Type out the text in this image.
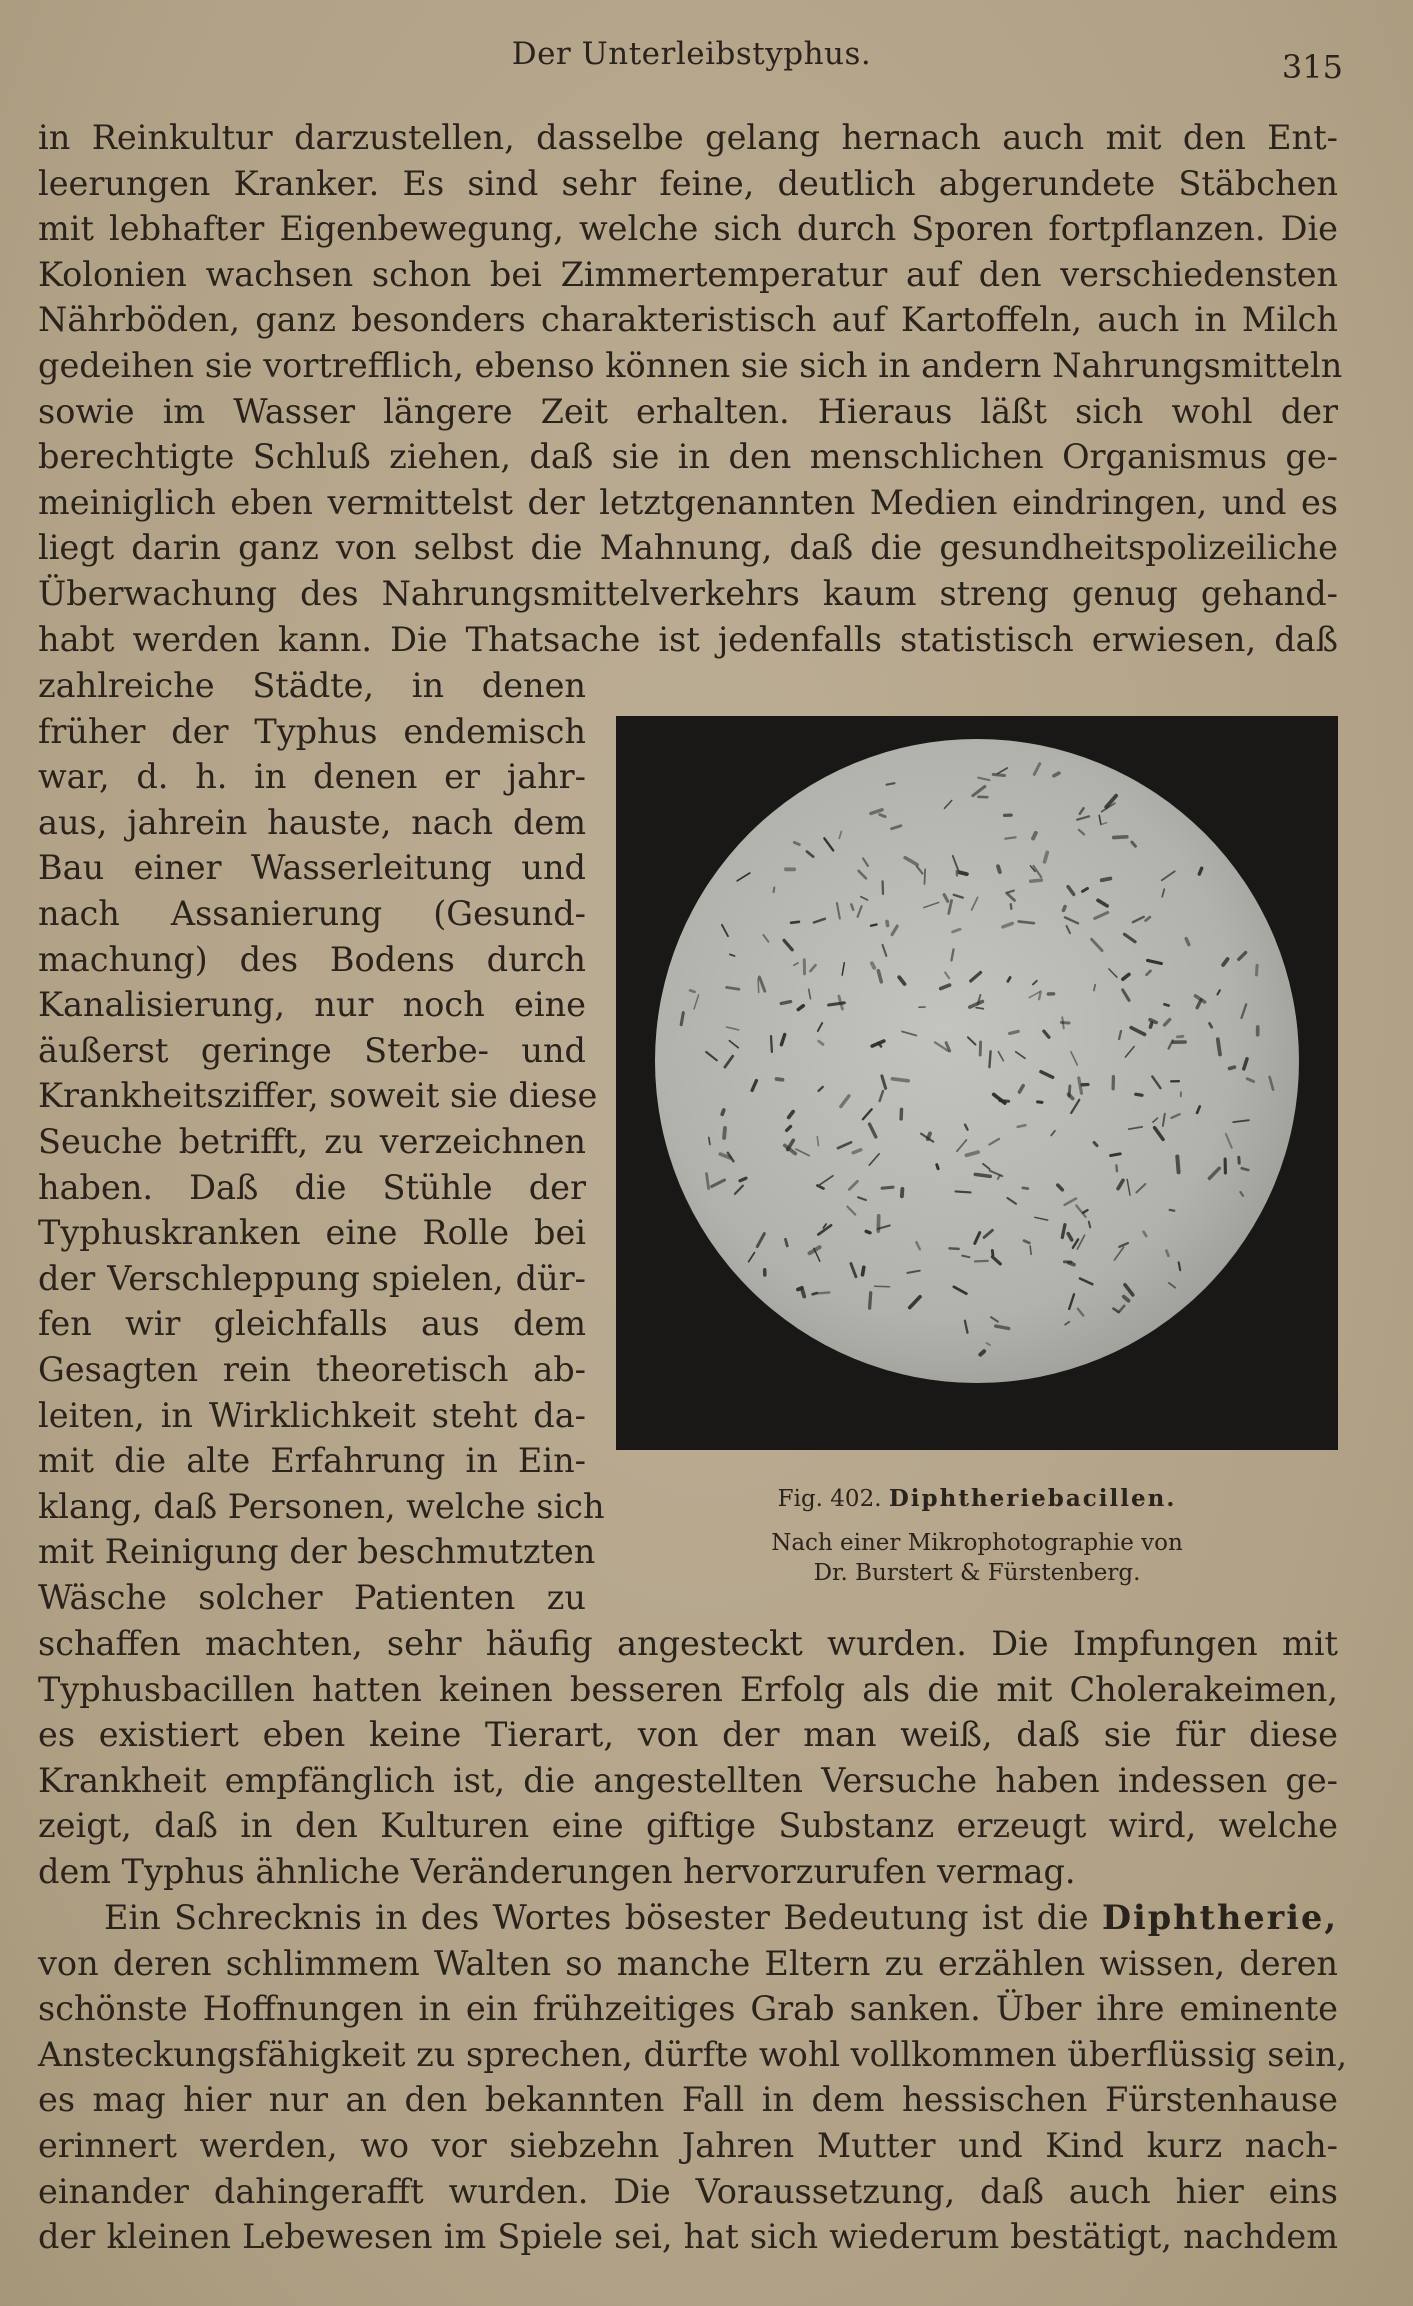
Der Unterleibstyphus.	315
in Reinkultur darzustellen, dasselbe gelang hernach auch mit den Ent-
leerungen Kranker. Es sind sehr feine, deutlich abgerundete Stäbchen
mit lebhafter Eigenbewegung, welche sich durch Sporen fortpflanzen. Die
Kolonien wachsen schon bei Zimmertemperatur auf den verschiedensten
Nährböden, ganz besonders charakteristisch auf Kartoffeln, auch in Milch
gedeihen sie vortrefflich, ebenso können sie sich in andern Nahrungsmitteln
sowie im Wasser längere Zeit erhalten. Hieraus läßt sich wohl der
berechtigte Schluß ziehen, daß sie in den menschlichen Organismus ge-
meiniglich eben vermittelst der letztgenannten Medien eindringen, und es
liegt darin ganz von selbst die Mahnung, daß die gesundheitspolizeiliche
Überwachung des Nahrungsmittelverkehrs kaum streng genug gehand-
habt werden kann. Die Thatsache ist jedenfalls statistisch erwiesen, daß
zahlreiche Städte, in denen
früher der Typhus endemisch
war, d. h. in denen er jahr-
aus, jahrein hauste, nach dem
Bau einer Wasserleitung und
nach Assanierung (Gesund-
machung) des Bodens durch
Kanalisierung, nur noch eine
äußerst geringe Sterbe- und
Krankheitsziffer, soweit sie diese
Seuche betrifft, zu verzeichnen
haben. Daß die Stühle der
Typhuskranken eine Rolle bei
der Verschleppung spielen, dür-
fen wir gleichfalls aus dem
Gesagten rein theoretisch ab-
leiten, in Wirklichkeit steht da-
mit die alte Erfahrung in Ein-
klang, daß Personen, welche sich
mit Reinigung der beschmutzten
Wäsche solcher Patienten zu
Fig. 402. Diphtheriebacillen.
Nach einer Mikrophotographie von
Dr. Burstert & Fürstenberg.
schaffen machten, sehr häufig angesteckt wurden. Die Impfungen mit
Typhusbacillen hatten keinen besseren Erfolg als die mit Cholerakeimen,
es existiert eben keine Tierart, von der man weiß, daß sie für diese
Krankheit empfänglich ist, die angestellten Versuche haben indessen ge-
zeigt, daß in den Kulturen eine giftige Substanz erzeugt wird, welche
dem Typhus ähnliche Veränderungen hervorzurufen vermag.
Ein Schrecknis in des Wortes bösester Bedeutung ist die Diphtherie,
von deren schlimmem Walten so manche Eltern zu erzählen wissen, deren
schönste Hoffnungen in ein frühzeitiges Grab sanken. Über ihre eminente
Ansteckungsfähigkeit zu sprechen, dürfte wohl vollkommen überflüssig sein,
es mag hier nur an den bekannten Fall in dem hessischen Fürstenhause
erinnert werden, wo vor siebzehn Jahren Mutter und Kind kurz nach-
einander dahingerafft wurden. Die Voraussetzung, daß auch hier eins
der kleinen Lebewesen im Spiele sei, hat sich wiederum bestätigt, nachdem
